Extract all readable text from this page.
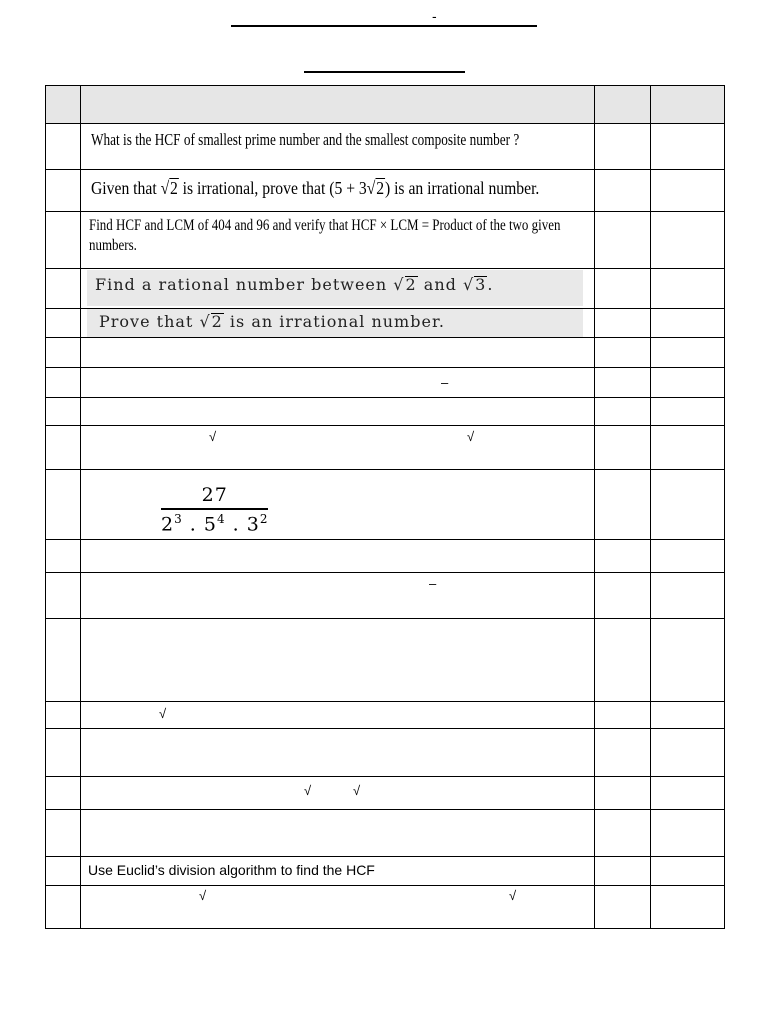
-

	What is the HCF of smallest prime number and the smallest composite number ?		

	Given that √2 is irrational, prove that (5 + 3√2) is an irrational number.		

	Find HCF and LCM of 404 and 96 and verify that HCF × LCM = Product of the two given numbers.		

	Find a rational number between √2 and √3.		

	Prove that √2 is an irrational number.		

	–		

	√ √		

	$\frac{27}{2^3 . 5^4 . 3^2}$

	–		

	√		

	√ √		

	Use Euclid’s division algorithm to find the HCF		

	√ √		
